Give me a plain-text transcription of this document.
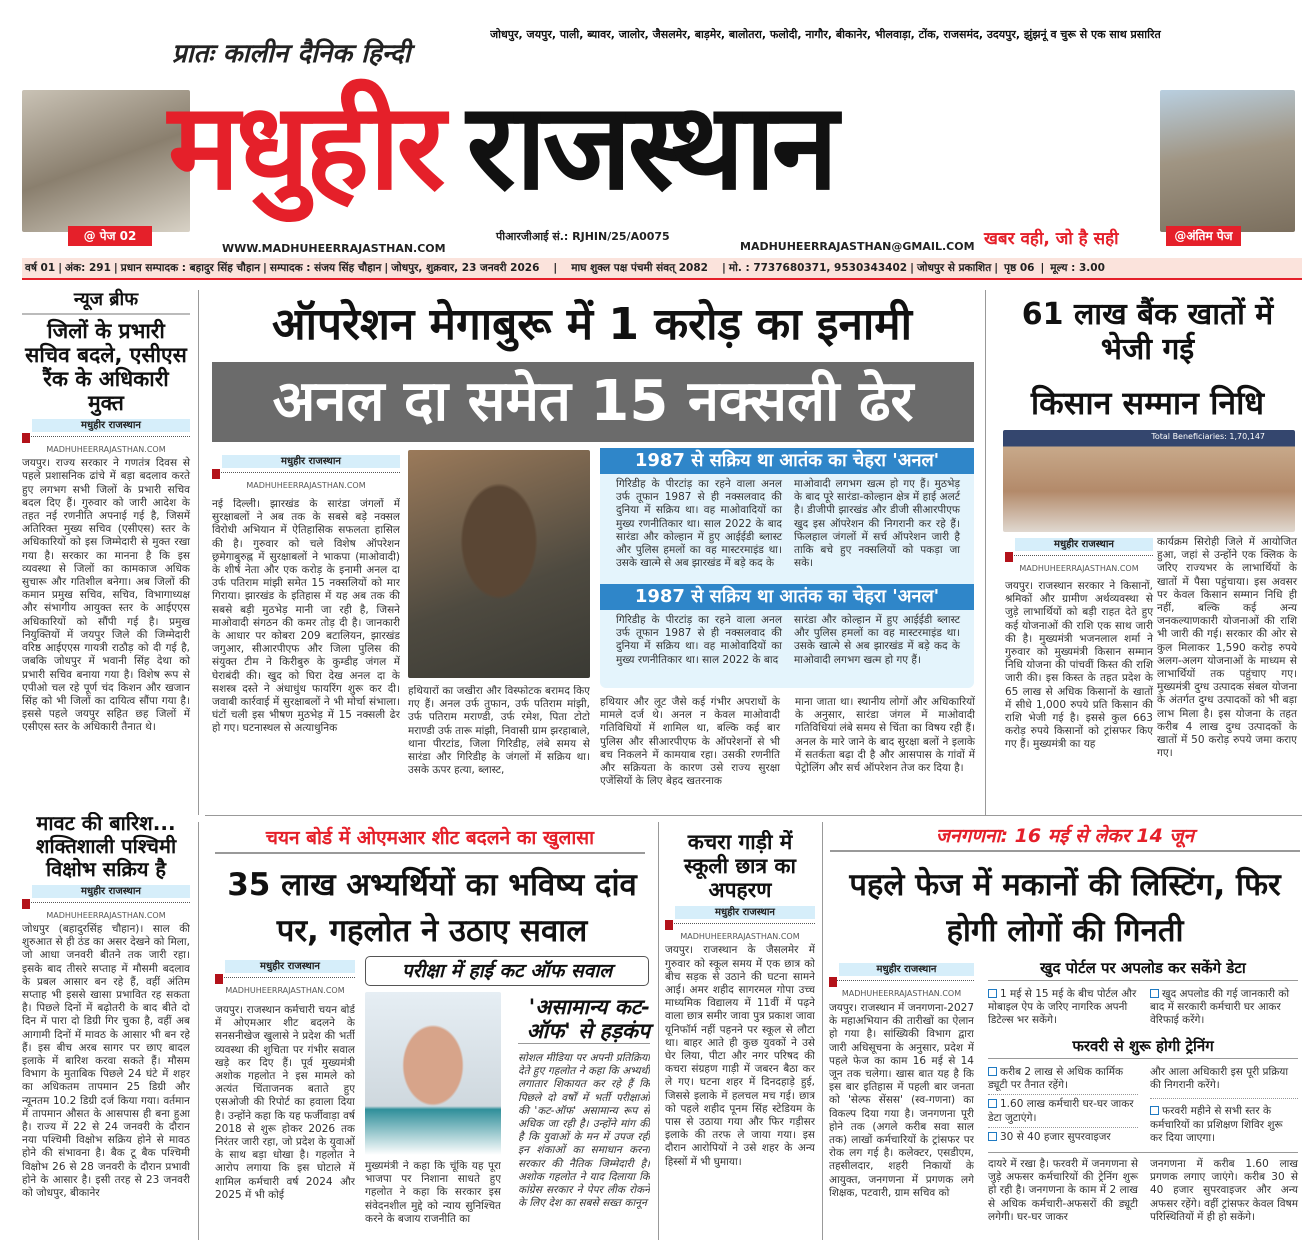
@ पेज 02
प्रातः कालीन दैनिक हिन्दी
जोधपुर, जयपुर, पाली, ब्यावर, जालोर, जैसलमेर, बाड़मेर, बालोतरा, फलोदी, नागौर, बीकानेर, भीलवाड़ा, टोंक, राजसमंद, उदयपुर, झुंझनूं व चुरू से एक साथ प्रसारित
मधुहीर राजस्थान
@अंतिम पेज
WWW.MADHUHEERRAJASTHAN.COM
पीआरजीआई सं.: RJHIN/25/A0075
MADHUHEERRAJASTHAN@GMAIL.COM खबर वही, जो है सही
वर्ष 01 | अंक: 291 | प्रधान सम्पादक : बहादुर सिंह चौहान | सम्पादक : संजय सिंह चौहान | जोधपुर, शुक्रवार, 23 जनवरी 2026	|	माघ शुक्ल पक्ष पंचमी संवत् 2082	| मो. : 7737680371, 9530343402 | जोधपुर से प्रकाशित | पृष्ठ 06 | मूल्य : 3.00
न्यूज ब्रीफ
जिलों के प्रभारी सचिव बदले, एसीएस रैंक के अधिकारी मुक्त
मधुहीर राजस्थान
MADHUHEERRAJASTHAN.COM
जयपुर। राज्य सरकार ने गणतंत्र दिवस से पहले प्रशासनिक ढांचे में बड़ा बदलाव करते हुए लगभग सभी जिलों के प्रभारी सचिव बदल दिए हैं। गुरुवार को जारी आदेश के तहत नई रणनीति अपनाई गई है, जिसमें अतिरिक्त मुख्य सचिव (एसीएस) स्तर के अधिकारियों को इस जिम्मेदारी से मुक्त रखा गया है। सरकार का मानना है कि इस व्यवस्था से जिलों का कामकाज अधिक सुचारू और गतिशील बनेगा। अब जिलों की कमान प्रमुख सचिव, सचिव, विभागाध्यक्ष और संभागीय आयुक्त स्तर के आईएएस अधिकारियों को सौंपी गई है। प्रमुख नियुक्तियों में जयपुर जिले की जिम्मेदारी वरिष्ठ आईएएस गायत्री राठौड़ को दी गई है, जबकि जोधपुर में भवानी सिंह देथा को प्रभारी सचिव बनाया गया है। विशेष रूप से एपीओ चल रहे पूर्ण चंद किशन और खजान सिंह को भी जिलों का दायित्व सौंपा गया है। इससे पहले जयपुर सहित छह जिलों में एसीएस स्तर के अधिकारी तैनात थे।
ऑपरेशन मेगाबुरू में 1 करोड़ का इनामी
अनल दा समेत 15 नक्सली ढेर
मधुहीर राजस्थान
MADHUHEERRAJASTHAN.COM
नई दिल्ली। झारखंड के सारंडा जंगलों में सुरक्षाबलों ने अब तक के सबसे बड़े नक्सल विरोधी अभियान में ऐतिहासिक सफलता हासिल की है। गुरुवार को चले विशेष ऑपरेशन छ्रमेगाबुरुह्न में सुरक्षाबलों ने भाकपा (माओवादी) के शीर्ष नेता और एक करोड़ के इनामी अनल दा उर्फ पतिराम मांझी समेत 15 नक्सलियों को मार गिराया। झारखंड के इतिहास में यह अब तक की सबसे बड़ी मुठभेड़ मानी जा रही है, जिसने माओवादी संगठन की कमर तोड़ दी है। जानकारी के आधार पर कोबरा 209 बटालियन, झारखंड जगुआर, सीआरपीएफ और जिला पुलिस की संयुक्त टीम ने किरीबुरु के कुम्डीह जंगल में घेराबंदी की। खुद को घिरा देख अनल दा के सशस्त्र दस्ते ने अंधाधुंध फायरिंग शुरू कर दी। जवाबी कार्रवाई में सुरक्षाबलों ने भी मोर्चा संभाला। घंटों चली इस भीषण मुठभेड़ में 15 नक्सली ढेर हो गए। घटनास्थल से अत्याधुनिक
हथियारों का जखीरा और विस्फोटक बरामद किए गए हैं। अनल उर्फ तुफान, उर्फ पतिराम मांझी, उर्फ पतिराम मराण्डी, उर्फ रमेश, पिता टोटो मराण्डी उर्फ तारू मांझी, निवासी ग्राम झरहाबाले, थाना पीरटांड, जिला गिरिडीह, लंबे समय से सारंडा और गिरिडीह के जंगलों में सक्रिय था। उसके ऊपर हत्या, ब्लास्ट,
1987 से सक्रिय था आतंक का चेहरा 'अनल'
गिरिडीह के पीरटांड़ का रहने वाला अनल उर्फ तूफान 1987 से ही नक्सलवाद की दुनिया में सक्रिय था। वह माओवादियों का मुख्य रणनीतिकार था। साल 2022 के बाद सारंडा और कोल्हान में हुए आईईडी ब्लास्ट और पुलिस हमलों का वह मास्टरमाइंड था। उसके खात्मे से अब झारखंड में बड़े कद के
माओवादी लगभग खत्म हो गए हैं। मुठभेड़ के बाद पूरे सारंडा-कोल्हान क्षेत्र में हाई अलर्ट है। डीजीपी झारखंड और डीजी सीआरपीएफ खुद इस ऑपरेशन की निगरानी कर रहे हैं। फिलहाल जंगलों में सर्च ऑपरेशन जारी है ताकि बचे हुए नक्सलियों को पकड़ा जा सके।
1987 से सक्रिय था आतंक का चेहरा 'अनल'
गिरिडीह के पीरटांड़ का रहने वाला अनल उर्फ तूफान 1987 से ही नक्सलवाद की दुनिया में सक्रिय था। वह माओवादियों का मुख्य रणनीतिकार था। साल 2022 के बाद
सारंडा और कोल्हान में हुए आईईडी ब्लास्ट और पुलिस हमलों का वह मास्टरमाइंड था। उसके खात्मे से अब झारखंड में बड़े कद के माओवादी लगभग खत्म हो गए हैं।
हथियार और लूट जैसे कई गंभीर अपराधों के मामले दर्ज थे। अनल न केवल माओवादी गतिविधियों में शामिल था, बल्कि कई बार पुलिस और सीआरपीएफ के ऑपरेशनों से भी बच निकलने में कामयाब रहा। उसकी रणनीति और सक्रियता के कारण उसे राज्य सुरक्षा एजेंसियों के लिए बेहद खतरनाक
माना जाता था। स्थानीय लोगों और अधिकारियों के अनुसार, सारंडा जंगल में माओवादी गतिविधियां लंबे समय से चिंता का विषय रही हैं। अनल के मारे जाने के बाद सुरक्षा बलों ने इलाके में सतर्कता बढ़ा दी है और आसपास के गांवों में पेट्रोलिंग और सर्च ऑपरेशन तेज कर दिया है।
61 लाख बैंक खातों में भेजी गई
किसान सम्मान निधि
Total Beneficiaries: 1,70,147
मधुहीर राजस्थान
MADHUHEERRAJASTHAN.COM
जयपुर। राजस्थान सरकार ने किसानों, श्रमिकों और ग्रामीण अर्थव्यवस्था से जुड़े लाभार्थियों को बड़ी राहत देते हुए कई योजनाओं की राशि एक साथ जारी की है। मुख्यमंत्री भजनलाल शर्मा ने गुरुवार को मुख्यमंत्री किसान सम्मान निधि योजना की पांचवीं किस्त की राशि जारी की। इस किस्त के तहत प्रदेश के 65 लाख से अधिक किसानों के खातों में सीधे 1,000 रुपये प्रति किसान की राशि भेजी गई है। इससे कुल 663 करोड़ रुपये किसानों को ट्रांसफर किए गए हैं। मुख्यमंत्री का यह
कार्यक्रम सिरोही जिले में आयोजित हुआ, जहां से उन्होंने एक क्लिक के जरिए राज्यभर के लाभार्थियों के खातों में पैसा पहुंचाया। इस अवसर पर केवल किसान सम्मान निधि ही नहीं, बल्कि कई अन्य जनकल्याणकारी योजनाओं की राशि भी जारी की गई। सरकार की ओर से कुल मिलाकर 1,590 करोड़ रुपये अलग-अलग योजनाओं के माध्यम से लाभार्थियों तक पहुंचाए गए। मुख्यमंत्री दुग्ध उत्पादक संबल योजना के अंतर्गत दुग्ध उत्पादकों को भी बड़ा लाभ मिला है। इस योजना के तहत करीब 4 लाख दुग्ध उत्पादकों के खातों में 50 करोड़ रुपये जमा कराए गए।
मावट की बारिश... शक्तिशाली पश्चिमी विक्षोभ सक्रिय है
मधुहीर राजस्थान
MADHUHEERRAJASTHAN.COM
जोधपुर (बहादुरसिंह चौहान)। साल की शुरुआत से ही ठंड का असर देखने को मिला, जो आधा जनवरी बीतने तक जारी रहा। इसके बाद तीसरे सप्ताह में मौसमी बदलाव के प्रबल आसार बन रहे हैं, वहीं अंतिम सप्ताह भी इससे खासा प्रभावित रह सकता है। पिछले दिनों में बढ़ोतरी के बाद बीते दो दिन में पारा दो डिग्री गिर चुका है, वहीं अब आगामी दिनों में मावठ के आसार भी बन रहे हैं। इस बीच अरब सागर पर छाए बादल इलाके में बारिश करवा सकते हैं। मौसम विभाग के मुताबिक पिछले 24 घंटे में शहर का अधिकतम तापमान 25 डिग्री और न्यूनतम 10.2 डिग्री दर्ज किया गया। वर्तमान में तापमान औसत के आसपास ही बना हुआ है। राज्य में 22 से 24 जनवरी के दौरान नया पश्चिमी विक्षोभ सक्रिय होने से मावठ होने की संभावना है। बैक टू बैक पश्चिमी विक्षोभ 26 से 28 जनवरी के दौरान प्रभावी होने के आसार है। इसी तरह से 23 जनवरी को जोधपुर, बीकानेर
चयन बोर्ड में ओएमआर शीट बदलने का खुलासा
35 लाख अभ्यर्थियों का भविष्य दांव पर, गहलोत ने उठाए सवाल
मधुहीर राजस्थान
MADHUHEERRAJASTHAN.COM
जयपुर। राजस्थान कर्मचारी चयन बोर्ड में ओएमआर शीट बदलने के सनसनीखेज खुलासे ने प्रदेश की भर्ती व्यवस्था की शुचिता पर गंभीर सवाल खड़े कर दिए हैं। पूर्व मुख्यमंत्री अशोक गहलोत ने इस मामले को अत्यंत चिंताजनक बताते हुए एसओजी की रिपोर्ट का हवाला दिया है। उन्होंने कहा कि यह फर्जीवाड़ा वर्ष 2018 से शुरू होकर 2026 तक निरंतर जारी रहा, जो प्रदेश के युवाओं के साथ बड़ा धोखा है। गहलोत ने आरोप लगाया कि इस घोटाले में शामिल कर्मचारी वर्ष 2024 और 2025 में भी कोई
परीक्षा में हाई कट ऑफ सवाल
मुख्यमंत्री ने कहा कि चूंकि यह पूरा भाजपा पर निशाना साधते हुए गहलोत ने कहा कि सरकार इस संवेदनशील मुद्दे को न्याय सुनिश्चित करने के बजाय राजनीति का
'असामान्य कट-ऑफ' से हड़कंप
सोशल मीडिया पर अपनी प्रतिक्रिया देते हुए गहलोत ने कहा कि अभ्यर्थी लगातार शिकायत कर रहे हैं कि पिछले दो वर्षों में भर्ती परीक्षाओं की 'कट-ऑफ' असामान्य रूप से अधिक जा रही है। उन्होंने मांग की है कि युवाओं के मन में उपज रही इन शंकाओं का समाधान करना सरकार की नैतिक जिम्मेदारी है। अशोक गहलोत ने याद दिलाया कि कांग्रेस सरकार ने पेपर लीक रोकने के लिए देश का सबसे सख्त कानून
कचरा गाड़ी में स्कूली छात्र का अपहरण
मधुहीर राजस्थान
MADHUHEERRAJASTHAN.COM
जयपुर। राजस्थान के जैसलमेर में गुरुवार को स्कूल समय में एक छात्र को बीच सड़क से उठाने की घटना सामने आई। अमर शहीद सागरमल गोपा उच्च माध्यमिक विद्यालय में 11वीं में पढ़ने वाला छात्र समीर जावा पुत्र प्रकाश जावा यूनिफॉर्म नहीं पहनने पर स्कूल से लौटा था। बाहर आते ही कुछ युवकों ने उसे घेर लिया, पीटा और नगर परिषद की कचरा संग्रहण गाड़ी में जबरन बैठा कर ले गए। घटना शहर में दिनदहाड़े हुई, जिससे इलाके में हलचल मच गई। छात्र को पहले शहीद पूनम सिंह स्टेडियम के पास से उठाया गया और फिर गड़ीसर इलाके की तरफ ले जाया गया। इस दौरान आरोपियों ने उसे शहर के अन्य हिस्सों में भी घुमाया।
जनगणना: 16 मई से लेकर 14 जून
पहले फेज में मकानों की लिस्टिंग, फिर होगी लोगों की गिनती
मधुहीर राजस्थान
MADHUHEERRAJASTHAN.COM
जयपुर। राजस्थान में जनगणना-2027 के महाअभियान की तारीखों का ऐलान हो गया है। सांख्यिकी विभाग द्वारा जारी अधिसूचना के अनुसार, प्रदेश में पहले फेज का काम 16 मई से 14 जून तक चलेगा। खास बात यह है कि इस बार इतिहास में पहली बार जनता को 'सेल्फ सेंसस' (स्व-गणना) का विकल्प दिया गया है। जनगणना पूरी होने तक (अगले करीब सवा साल तक) लाखों कर्मचारियों के ट्रांसफर पर रोक लग गई है। कलेक्टर, एसडीएम, तहसीलदार, शहरी निकायों के आयुक्त, जनगणना में प्रगणक लगे शिक्षक, पटवारी, ग्राम सचिव को
खुद पोर्टल पर अपलोड कर सकेंगे डेटा
1 मई से 15 मई के बीच पोर्टल और मोबाइल ऐप के जरिए नागरिक अपनी डिटेल्स भर सकेंगे।
खुद अपलोड की गई जानकारी को बाद में सरकारी कर्मचारी घर आकर वेरिफाई करेंगे।
फरवरी से शुरू होगी ट्रेनिंग
करीब 2 लाख से अधिक कार्मिक ड्यूटी पर तैनात रहेंगे।
1.60 लाख कर्मचारी घर-घर जाकर डेटा जुटाएंगे।
30 से 40 हजार सुपरवाइजर
और आला अधिकारी इस पूरी प्रक्रिया की निगरानी करेंगे।
फरवरी महीने से सभी स्तर के कर्मचारियों का प्रशिक्षण शिविर शुरू कर दिया जाएगा।
दायरे में रखा है। फरवरी में जनगणना से जुड़े अफसर कर्मचारियों की ट्रेनिंग शुरू हो रही है। जनगणना के काम में 2 लाख से अधिक कर्मचारी-अफसरों की ड्यूटी लगेगी। घर-घर जाकर
जनगणना में करीब 1.60 लाख प्रगणक लगाए जाएंगे। करीब 30 से 40 हजार सुपरवाइजर और अन्य अफसर रहेंगे। वहीं ट्रांसफर केवल विषम परिस्थितियों में ही हो सकेंगे।
